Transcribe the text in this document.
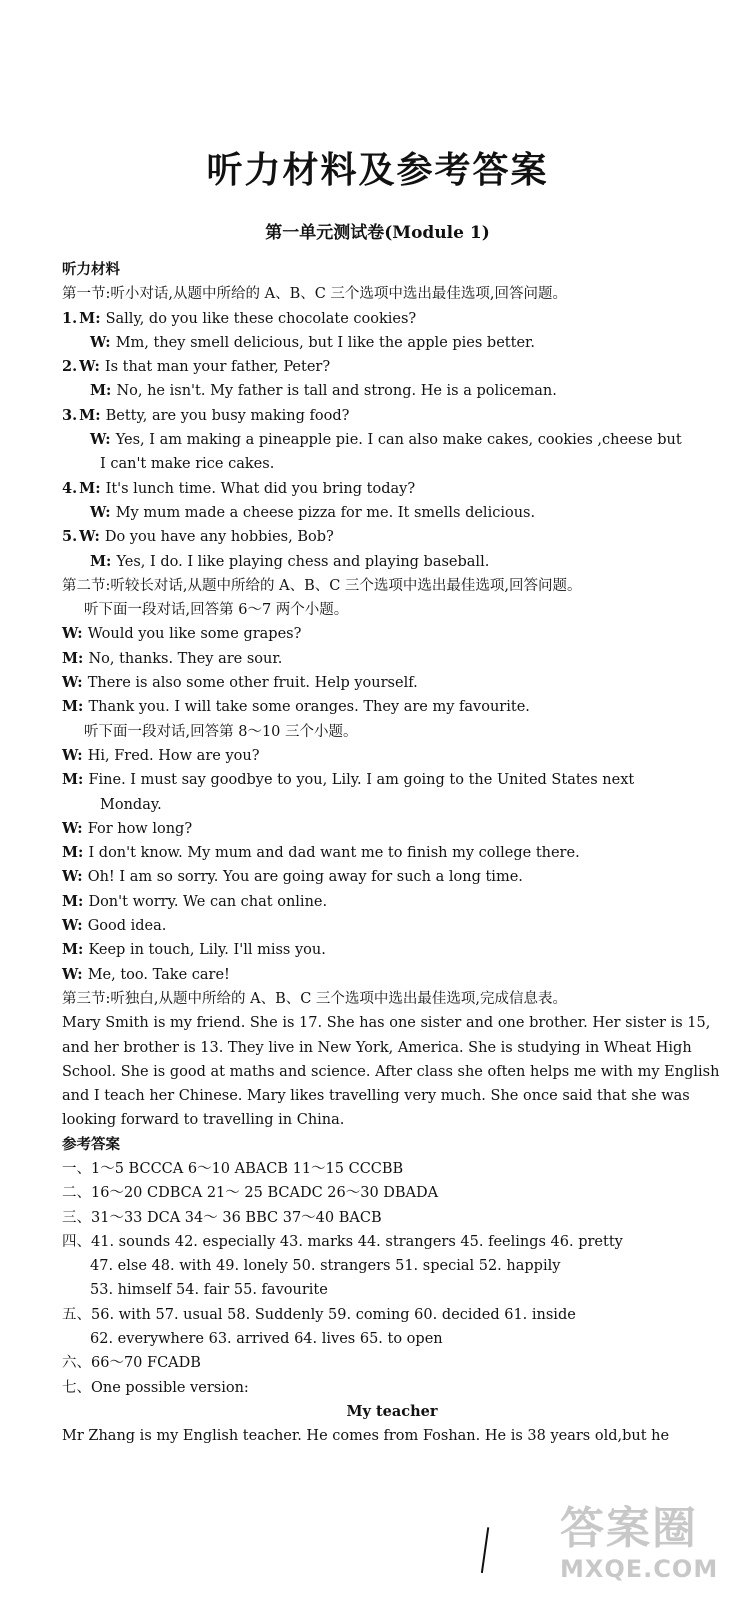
听力材料及参考答案
第一单元测试卷(Module 1)
听力材料
第一节:听小对话,从题中所给的 A、B、C 三个选项中选出最佳选项,回答问题。
1. M: Sally, do you like these chocolate cookies?
W: Mm, they smell delicious, but I like the apple pies better.
2. W: Is that man your father, Peter?
M: No, he isn't. My father is tall and strong. He is a policeman.
3. M: Betty, are you busy making food?
W: Yes, I am making a pineapple pie. I can also make cakes, cookies ,cheese but
I can't make rice cakes.
4. M: It's lunch time. What did you bring today?
W: My mum made a cheese pizza for me. It smells delicious.
5. W: Do you have any hobbies, Bob?
M: Yes, I do. I like playing chess and playing baseball.
第二节:听较长对话,从题中所给的 A、B、C 三个选项中选出最佳选项,回答问题。
听下面一段对话,回答第 6～7 两个小题。
W: Would you like some grapes?
M: No, thanks. They are sour.
W: There is also some other fruit. Help yourself.
M: Thank you. I will take some oranges. They are my favourite.
听下面一段对话,回答第 8～10 三个小题。
W: Hi, Fred. How are you?
M: Fine. I must say goodbye to you, Lily. I am going to the United States next
Monday.
W: For how long?
M: I don't know. My mum and dad want me to finish my college there.
W: Oh! I am so sorry. You are going away for such a long time.
M: Don't worry. We can chat online.
W: Good idea.
M: Keep in touch, Lily. I'll miss you.
W: Me, too. Take care!
第三节:听独白,从题中所给的 A、B、C 三个选项中选出最佳选项,完成信息表。
Mary Smith is my friend. She is 17. She has one sister and one brother. Her sister is 15, and her brother is 13. They live in New York, America. She is studying in Wheat High School. She is good at maths and science. After class she often helps me with my English and I teach her Chinese. Mary likes travelling very much. She once said that she was looking forward to travelling in China.
参考答案
一、1～5 BCCCA 6～10 ABACB 11～15 CCCBB
二、16～20 CDBCA 21～ 25 BCADC 26～30 DBADA
三、31～33 DCA 34～ 36 BBC 37～40 BACB
四、41. sounds 42. especially 43. marks 44. strangers 45. feelings 46. pretty
47. else 48. with 49. lonely 50. strangers 51. special 52. happily
53. himself 54. fair 55. favourite
五、56. with 57. usual 58. Suddenly 59. coming 60. decided 61. inside
62. everywhere 63. arrived 64. lives 65. to open
六、66～70 FCADB
七、One possible version:
My teacher
Mr Zhang is my English teacher. He comes from Foshan. He is 38 years old,but he
答案圈
MXQE.COM
